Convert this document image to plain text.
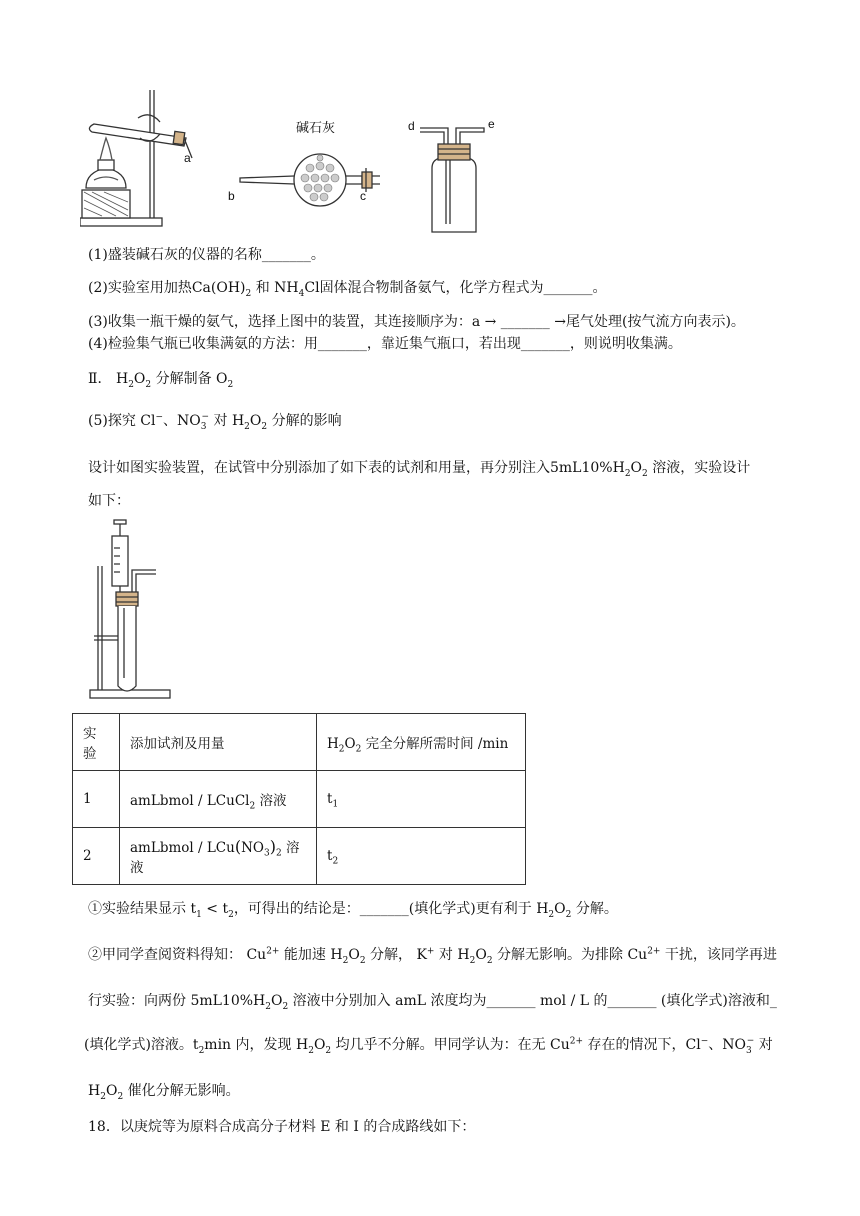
a
b	c
d	e
碱石灰
(1)盛装碱石灰的仪器的名称_______。
(2)实验室用加热$Ca(OH)_2$ 和 $NH_4Cl$固体混合物制备氨气，化学方程式为_______。
(3)收集一瓶干燥的氨气，选择上图中的装置，其连接顺序为：a → _______ →尾气处理(按气流方向表示)。
(4)检验集气瓶已收集满氨的方法：用_______，靠近集气瓶口，若出现_______，则说明收集满。
Ⅱ． $H_2O_2$ 分解制备 $O_2$
(5)探究 Cl−、$NO_3^-$ 对 $H_2O_2$ 分解的影响
设计如图实验装置，在试管中分别添加了如下表的试剂和用量，再分别注入$5mL10\%H_2O_2$ 溶液，实验设计
如下：
实验	添加试剂及用量	$H_2O_2$ 完全分解所需时间 /min
1	amLbmol / LCuCl$_2$ 溶液	$t_1$
2	amLbmol / $LCu(NO_3)_2$ 溶液	$t_2$
①实验结果显示 $t_1 < t_2$，可得出的结论是：_______(填化学式)更有利于 $H_2O_2$ 分解。
②甲同学查阅资料得知： $Cu^{2+}$ 能加速 $H_2O_2$ 分解， K+ 对 $H_2O_2$ 分解无影响。为排除 $Cu^{2+}$ 干扰，该同学再进
行实验：向两份 $5mL10\%H_2O_2$ 溶液中分别加入 amL 浓度均为_______ mol / L 的_______ (填化学式)溶液和_
(填化学式)溶液。$t_2\min$ 内，发现 $H_2O_2$ 均几乎不分解。甲同学认为：在无 $Cu^{2+}$ 存在的情况下，Cl−、$NO_3^-$ 对
$H_2O_2$ 催化分解无影响。
18．以庚烷等为原料合成高分子材料 E 和 I 的合成路线如下：
